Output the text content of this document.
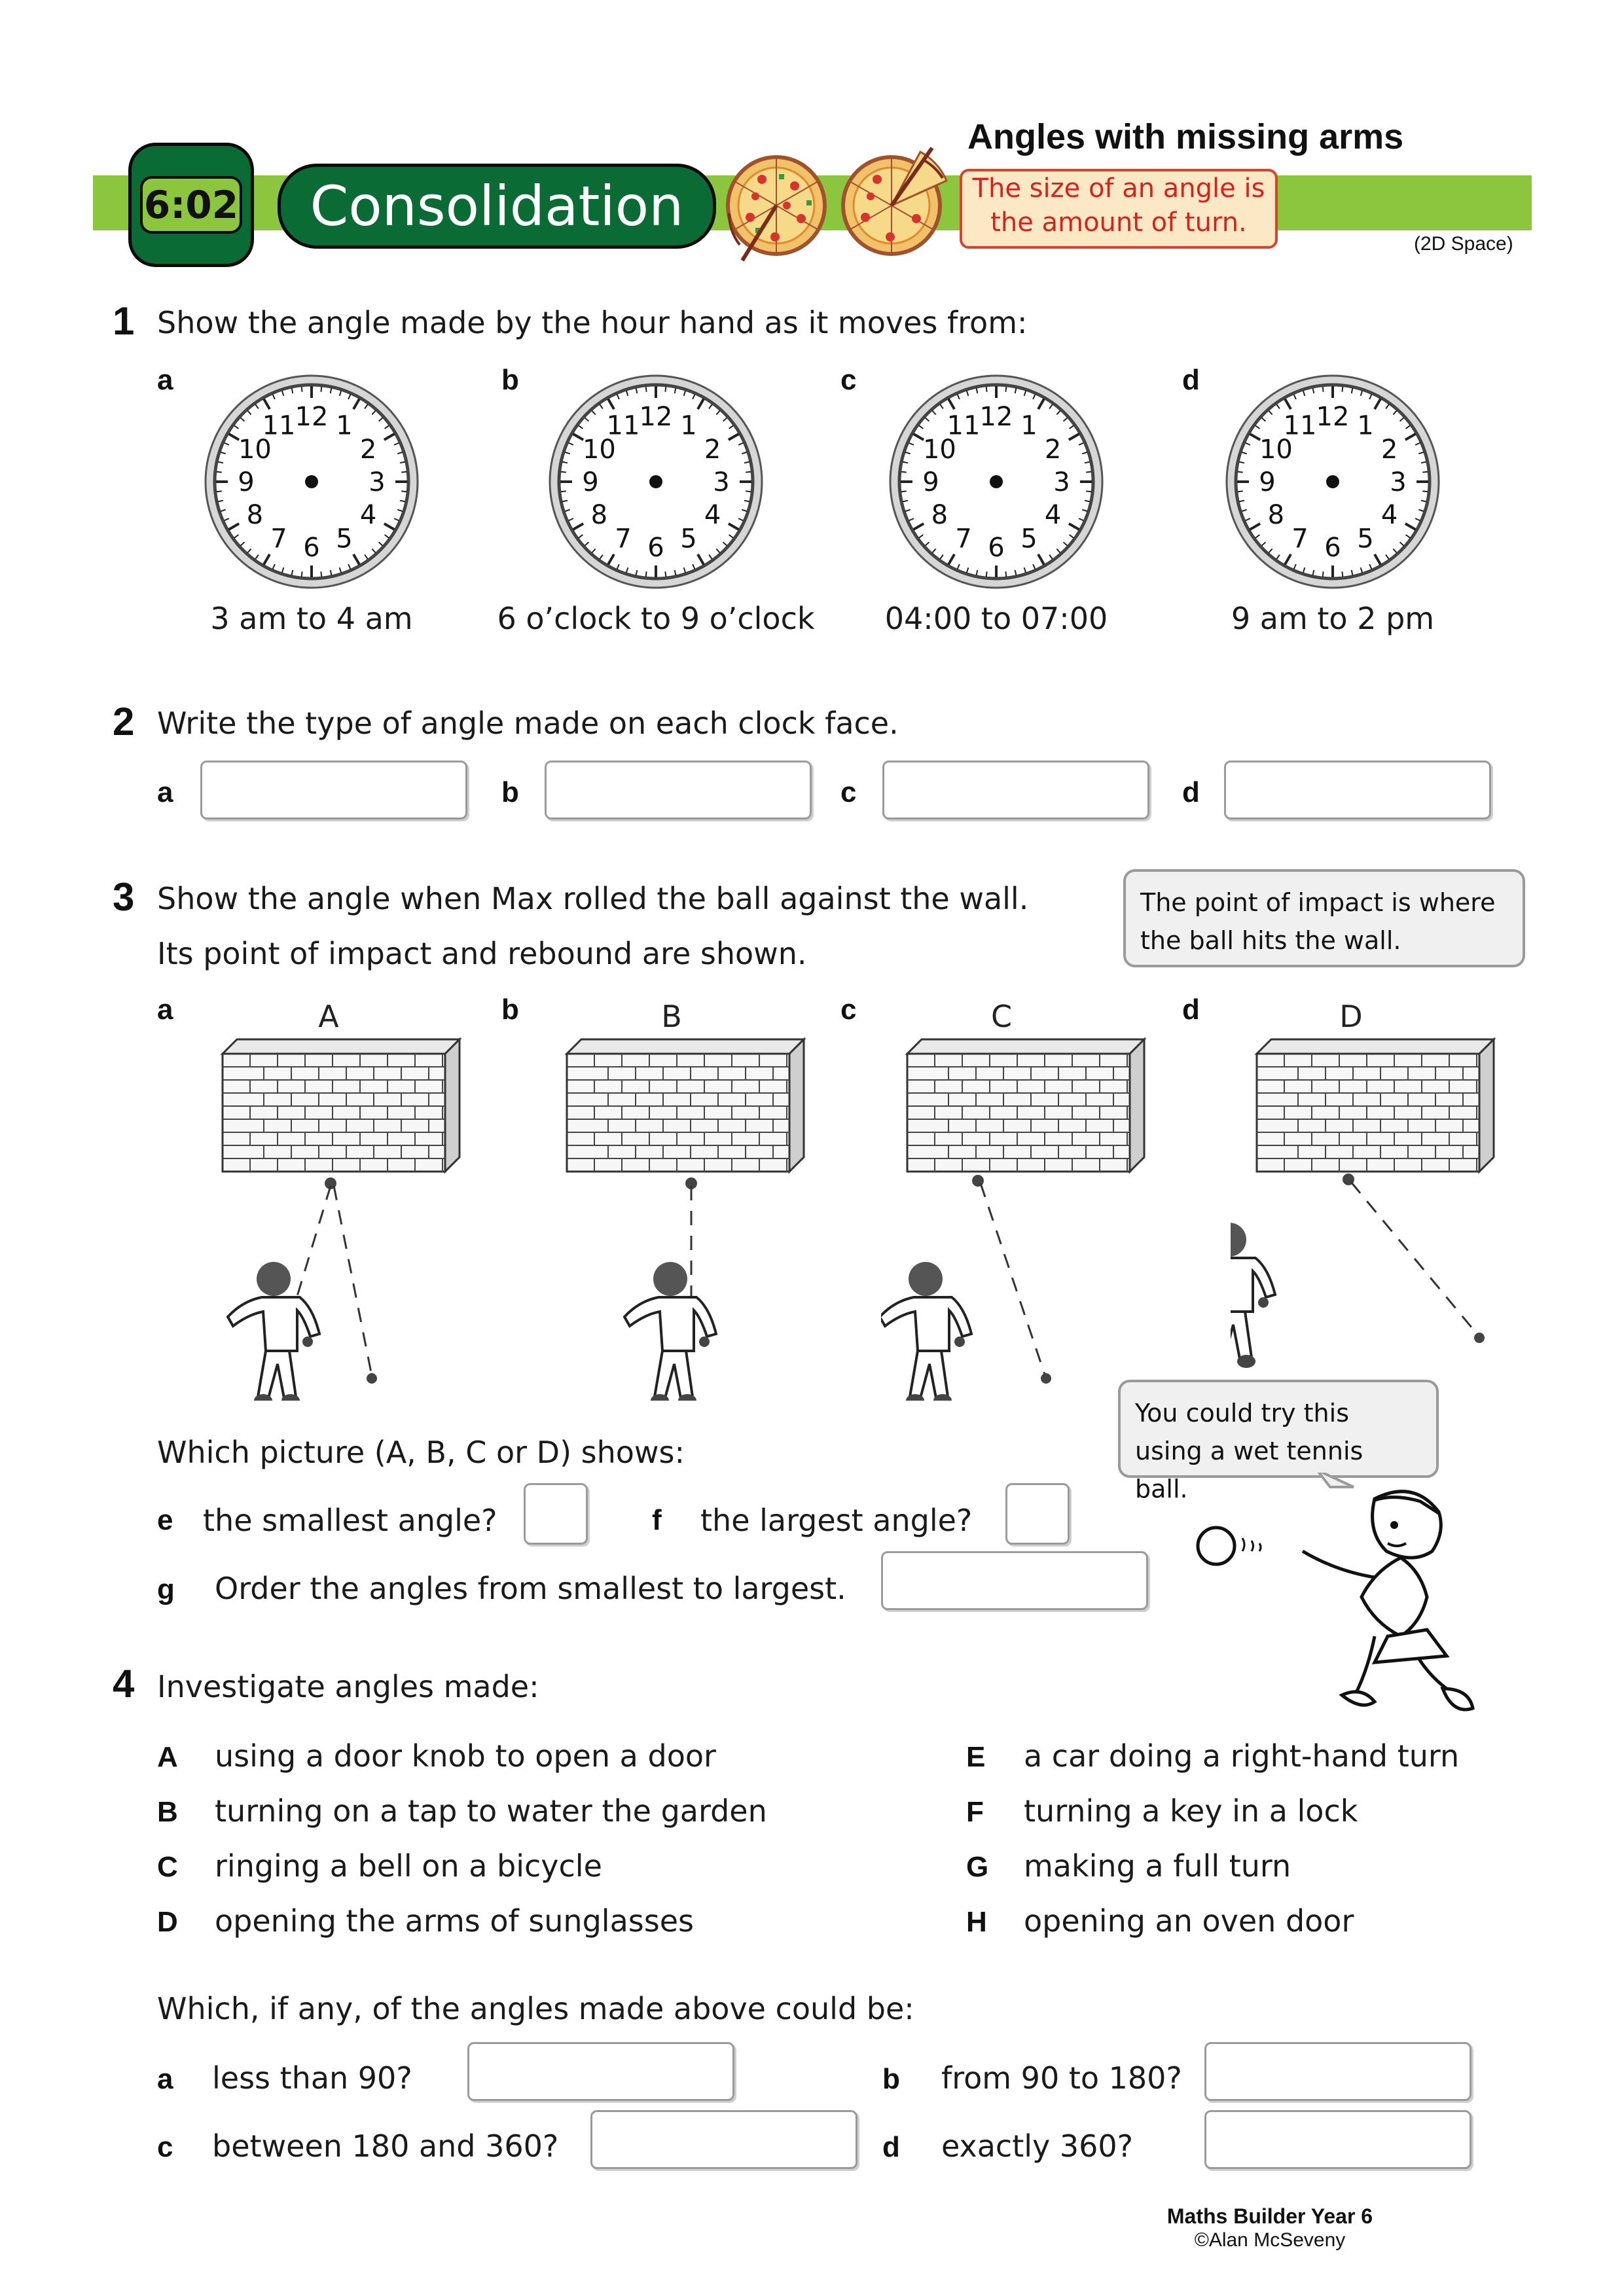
6:02	Consolidation
Angles with missing arms
The size of an angle is
the amount of turn.
(2D Space)
1 Show the angle made by the hour hand as it moves from:
a	b	c	d
12 1
2
3
4
5
6
7
8
9
10
11	12 1
2
3
4
5
6
7
8
9
10
11	12 1
2
3
4
5
6
7
8
9
10
11	12 1
2
3
4
5
6
7
8
9
10
11
3 am to 4 am	6 o’clock to 9 o’clock	04:00 to 07:00	9 am to 2 pm
2 Write the type of angle made on each clock face.
a	b	c	d
3 Show the angle when Max rolled the ball against the wall.
Its point of impact and rebound are shown.
The point of impact is where
the ball hits the wall.
a	b	c	d
A	B	C	D
Which picture (A, B, C or D) shows:
e the smallest angle?	f the largest angle?
g Order the angles from smallest to largest.
You could try this
using a wet tennis ball.
4 Investigate angles made:
A using a door knob to open a door
B turning on a tap to water the garden
C ringing a bell on a bicycle
D opening the arms of sunglasses
E a car doing a right-hand turn
F turning a key in a lock
G making a full turn
H opening an oven door
Which, if any, of the angles made above could be:
a less than 90?	b from 90 to 180?
c between 180 and 360?	d exactly 360?
Maths Builder Year 6
©Alan McSeveny
